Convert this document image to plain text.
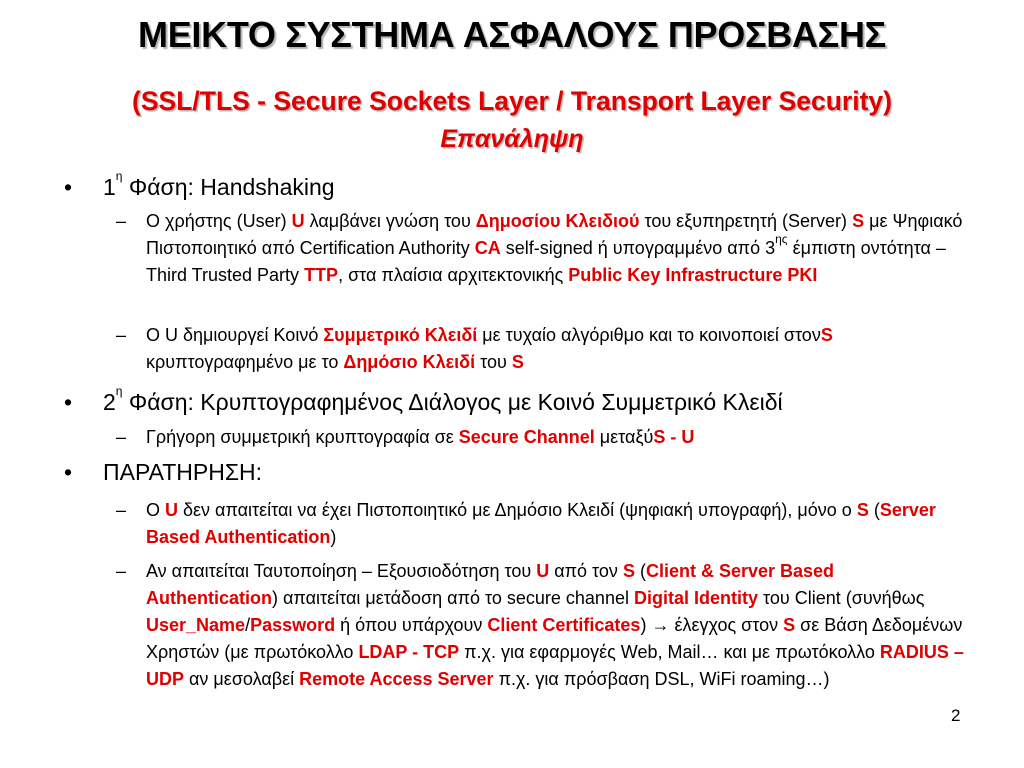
ΜΕΙΚΤΟ ΣΥΣΤΗΜΑ ΑΣΦΑΛΟΥΣ ΠΡΟΣΒΑΣΗΣ
(SSL/TLS - Secure Sockets Layer / Transport Layer Security)
Επανάληψη
• $1^\eta$ Φάση: Handshaking
– Ο χρήστης (User) U λαμβάνει γνώση του Δημοσίου Κλειδιού του εξυπηρετητή (Server) S με Ψηφιακό Πιστοποιητικό από Certification Authority CA self-signed ή υπογραμμένο από $3^{\eta\varsigma}$ έμπιστη οντότητα – Third Trusted Party TTP, στα πλαίσια αρχιτεκτονικής Public Key Infrastructure PKI
– Ο U δημιουργεί Κοινό Συμμετρικό Κλειδί με τυχαίο αλγόριθμο και το κοινοποιεί στονS κρυπτογραφημένο με το Δημόσιο Κλειδί του S
• $2^\eta$ Φάση: Κρυπτογραφημένος Διάλογος με Κοινό Συμμετρικό Κλειδί
– Γρήγορη συμμετρική κρυπτογραφία σε Secure Channel μεταξύS - U
• ΠΑΡΑΤΗΡΗΣΗ:
– Ο U δεν απαιτείται να έχει Πιστοποιητικό με Δημόσιο Κλειδί (ψηφιακή υπογραφή), μόνο ο S (Server Based Authentication)
– Αν απαιτείται Ταυτοποίηση – Εξουσιοδότηση του U από τον S (Client & Server Based Authentication) απαιτείται μετάδοση από το secure channel Digital Identity του Client (συνήθως User_Name/Password ή όπου υπάρχουν Client Certificates) → έλεγχος στον S σε Βάση Δεδομένων Χρηστών (με πρωτόκολλο LDAP - TCP π.χ. για εφαρμογές Web, Mail… και με πρωτόκολλο RADIUS – UDP αν μεσολαβεί Remote Access Server π.χ. για πρόσβαση DSL, WiFi roaming…)
2
